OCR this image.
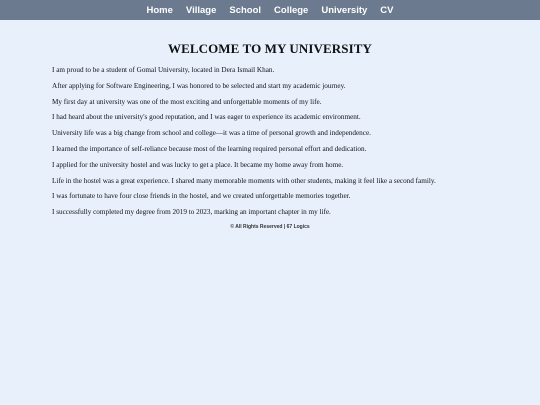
Home Village School College University CV
WELCOME TO MY UNIVERSITY

I am proud to be a student of Gomal University, located in Dera Ismail Khan.

After applying for Software Engineering, I was honored to be selected and start my academic journey.

My first day at university was one of the most exciting and unforgettable moments of my life.

I had heard about the university's good reputation, and I was eager to experience its academic environment.

University life was a big change from school and college—it was a time of personal growth and independence.

I learned the importance of self-reliance because most of the learning required personal effort and dedication.

I applied for the university hostel and was lucky to get a place. It became my home away from home.

Life in the hostel was a great experience. I shared many memorable moments with other students, making it feel like a second family.

I was fortunate to have four close friends in the hostel, and we created unforgettable memories together.

I successfully completed my degree from 2019 to 2023, marking an important chapter in my life.

© All Rights Reserved | 67 Logics
